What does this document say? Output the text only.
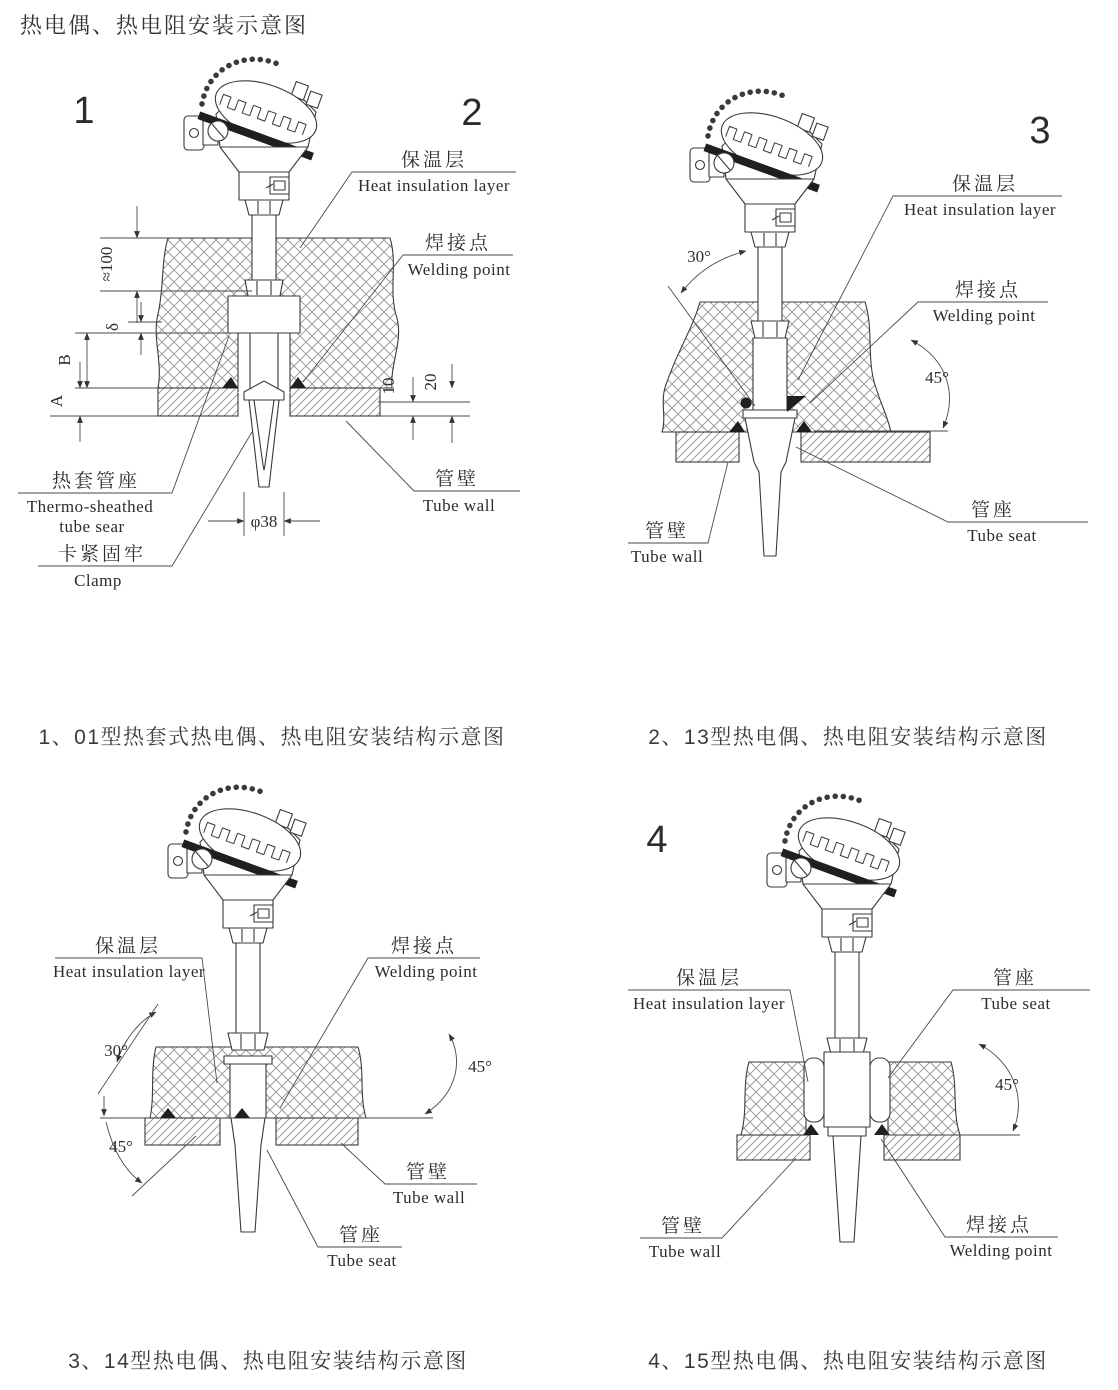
热电偶、热电阻安装示意图
1	2
≈100
δ
B
A
10 20
φ38
保温层
Heat insulation layer
焊接点
Welding point
管壁
Tube wall
热套管座
Thermo-sheathed
tube sear
卡紧固牢
Clamp
3
30°
45°
保温层
Heat insulation layer
焊接点
Welding point
管壁
Tube wall
管座
Tube seat
1、01型热套式热电偶、热电阻安装结构示意图	2、13型热电偶、热电阻安装结构示意图
30°
45°
45°
保温层
Heat insulation layer
焊接点
Welding point
管壁
Tube wall
管座
Tube seat
4
45°
保温层
Heat insulation layer
管座
Tube seat
管壁
Tube wall
焊接点
Welding point
3、14型热电偶、热电阻安装结构示意图	4、15型热电偶、热电阻安装结构示意图
